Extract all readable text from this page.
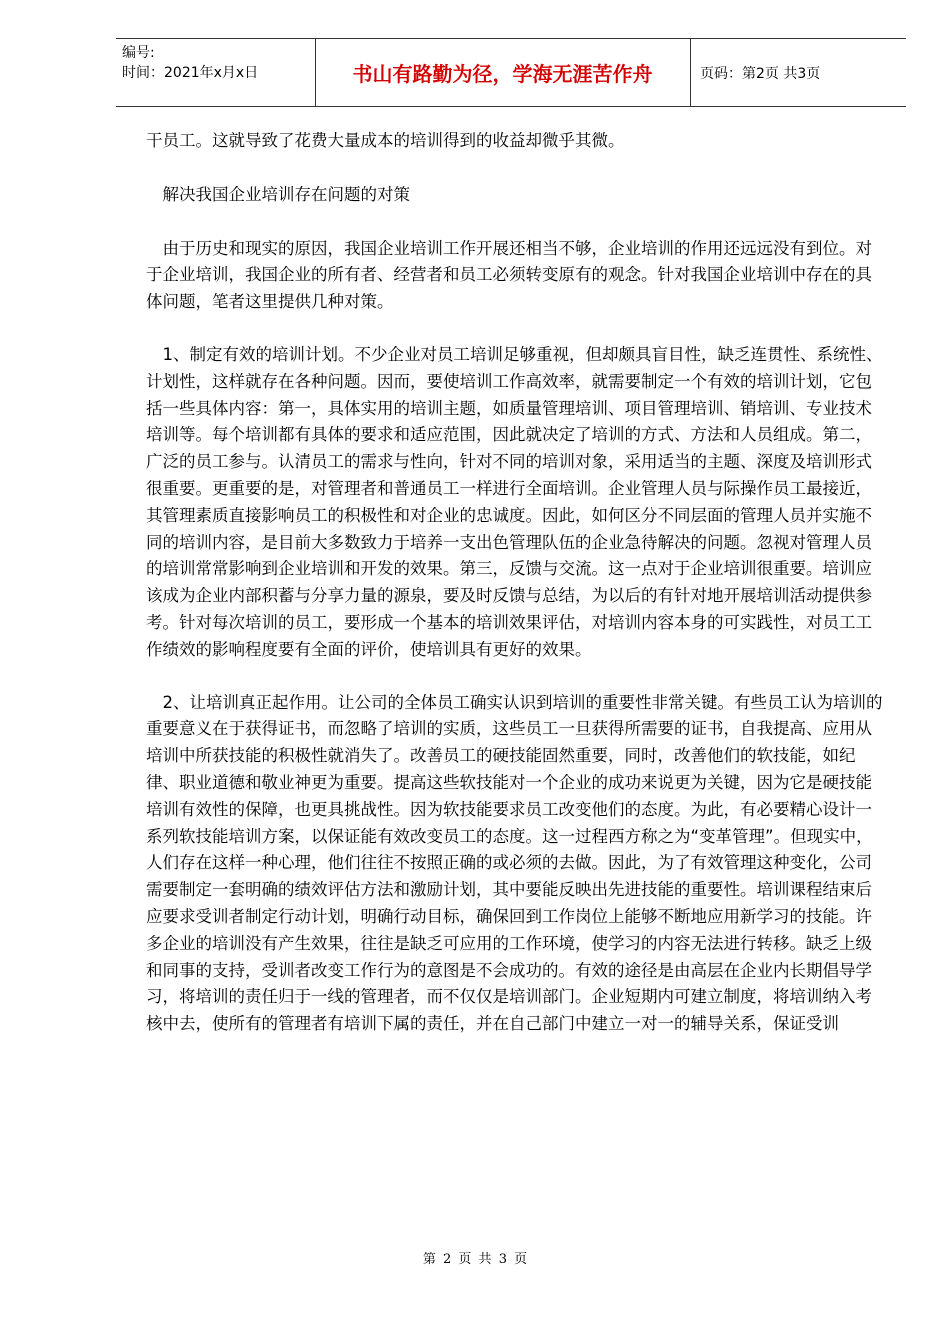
编号:
时间：2021年x月x日	书山有路勤为径，学海无涯苦作舟	页码：第2页 共3页

干员工。这就导致了花费大量成本的培训得到的收益却微乎其微。

解决我国企业培训存在问题的对策

由于历史和现实的原因，我国企业培训工作开展还相当不够，企业培训的作用还远远没有到位。对于企业培训，我国企业的所有者、经营者和员工必须转变原有的观念。针对我国企业培训中存在的具体问题，笔者这里提供几种对策。

1、制定有效的培训计划。不少企业对员工培训足够重视，但却颇具盲目性，缺乏连贯性、系统性、计划性，这样就存在各种问题。因而，要使培训工作高效率，就需要制定一个有效的培训计划，它包括一些具体内容：第一，具体实用的培训主题，如质量管理培训、项目管理培训、销培训、专业技术培训等。每个培训都有具体的要求和适应范围，因此就决定了培训的方式、方法和人员组成。第二，广泛的员工参与。认清员工的需求与性向，针对不同的培训对象，采用适当的主题、深度及培训形式很重要。更重要的是，对管理者和普通员工一样进行全面培训。企业管理人员与际操作员工最接近，其管理素质直接影响员工的积极性和对企业的忠诚度。因此，如何区分不同层面的管理人员并实施不同的培训内容，是目前大多数致力于培养一支出色管理队伍的企业急待解决的问题。忽视对管理人员的培训常常影响到企业培训和开发的效果。第三，反馈与交流。这一点对于企业培训很重要。培训应该成为企业内部积蓄与分享力量的源泉，要及时反馈与总结，为以后的有针对地开展培训活动提供参考。针对每次培训的员工，要形成一个基本的培训效果评估，对培训内容本身的可实践性，对员工工作绩效的影响程度要有全面的评价，使培训具有更好的效果。

2、让培训真正起作用。让公司的全体员工确实认识到培训的重要性非常关键。有些员工认为培训的重要意义在于获得证书，而忽略了培训的实质，这些员工一旦获得所需要的证书，自我提高、应用从培训中所获技能的积极性就消失了。改善员工的硬技能固然重要，同时，改善他们的软技能，如纪律、职业道德和敬业神更为重要。提高这些软技能对一个企业的成功来说更为关键，因为它是硬技能培训有效性的保障，也更具挑战性。因为软技能要求员工改变他们的态度。为此，有必要精心设计一系列软技能培训方案，以保证能有效改变员工的态度。这一过程西方称之为“变革管理”。但现实中，人们存在这样一种心理，他们往往不按照正确的或必须的去做。因此，为了有效管理这种变化，公司需要制定一套明确的绩效评估方法和激励计划，其中要能反映出先进技能的重要性。培训课程结束后应要求受训者制定行动计划，明确行动目标，确保回到工作岗位上能够不断地应用新学习的技能。许多企业的培训没有产生效果，往往是缺乏可应用的工作环境，使学习的内容无法进行转移。缺乏上级和同事的支持，受训者改变工作行为的意图是不会成功的。有效的途径是由高层在企业内长期倡导学习，将培训的责任归于一线的管理者，而不仅仅是培训部门。企业短期内可建立制度，将培训纳入考核中去，使所有的管理者有培训下属的责任，并在自己部门中建立一对一的辅导关系，保证受训

第 2 页 共 3 页
